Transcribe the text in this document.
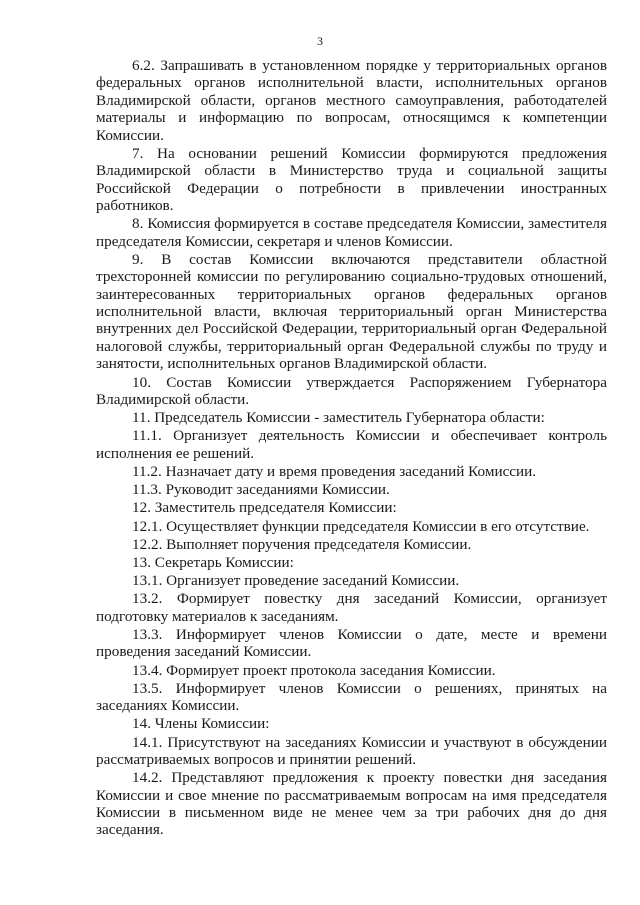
3

6.2. Запрашивать в установленном порядке у территориальных органов федеральных органов исполнительной власти, исполнительных органов Владимирской области, органов местного самоуправления, работодателей материалы и информацию по вопросам, относящимся к компетенции Комиссии.

7. На основании решений Комиссии формируются предложения Владимирской области в Министерство труда и социальной защиты Российской Федерации о потребности в привлечении иностранных работников.

8. Комиссия формируется в составе председателя Комиссии, заместителя председателя Комиссии, секретаря и членов Комиссии.

9. В состав Комиссии включаются представители областной трехсторонней комиссии по регулированию социально-трудовых отношений, заинтересованных территориальных органов федеральных органов исполнительной власти, включая территориальный орган Министерства внутренних дел Российской Федерации, территориальный орган Федеральной налоговой службы, территориальный орган Федеральной службы по труду и занятости, исполнительных органов Владимирской области.

10. Состав Комиссии утверждается Распоряжением Губернатора Владимирской области.

11. Председатель Комиссии - заместитель Губернатора области:

11.1. Организует деятельность Комиссии и обеспечивает контроль исполнения ее решений.

11.2. Назначает дату и время проведения заседаний Комиссии.

11.3. Руководит заседаниями Комиссии.

12. Заместитель председателя Комиссии:

12.1. Осуществляет функции председателя Комиссии в его отсутствие.

12.2. Выполняет поручения председателя Комиссии.

13. Секретарь Комиссии:

13.1. Организует проведение заседаний Комиссии.

13.2. Формирует повестку дня заседаний Комиссии, организует подготовку материалов к заседаниям.

13.3. Информирует членов Комиссии о дате, месте и времени проведения заседаний Комиссии.

13.4. Формирует проект протокола заседания Комиссии.

13.5. Информирует членов Комиссии о решениях, принятых на заседаниях Комиссии.

14. Члены Комиссии:

14.1. Присутствуют на заседаниях Комиссии и участвуют в обсуждении рассматриваемых вопросов и принятии решений.

14.2. Представляют предложения к проекту повестки дня заседания Комиссии и свое мнение по рассматриваемым вопросам на имя председателя Комиссии в письменном виде не менее чем за три рабочих дня до дня заседания.
